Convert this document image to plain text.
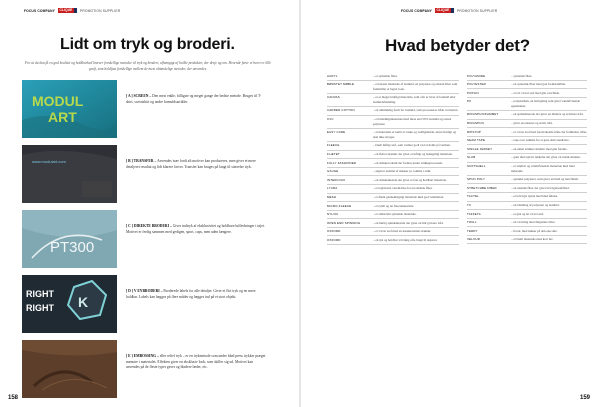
FOCUS COMPANY	CLIQUE	PROMOTION SUPPLIER
Lidt om tryk og broderi.
For at du kan få en god kvalitet og holdbarhed kræver forskellige metoder til tryk og broderi, afhængigt af hvilke produkter, der dreje og om. Hvornår fører vi hvert er lille grafi, som holdfast forskellige mellem de mest almindelige metoder, der anvendes.
MODUL
ART
[ A ] SCREEN – Den mest enkle, billigste og meget gange der bedste metode. Bruges til T-shirt, sweatshirt og andre bomuldsartikler.
www.modulart.com	[ B ] TRANSFER – Anvendes især fordi alt motiver kan produceres, men giver et mere detaljeret resultat og lidt klarere farver. Transfer kan bruges på langt til størrelse tryk.
PT300
[ C ] DIREKTE BRODERI – Giver indtryk af eksklusivitet og holdbare luftledninger i tøjet. Motivet er ferdig sammen med gedigen, sport, caps, men uden længere.
RIGHT
RIGHT K
[ D ] V EYBRODERI – Broderede labels for alle detaljer. Giver et flot tryk og en mere holdbar. Labels kan lægges på flere måder og lægges ind på et stort objekt.
[ E ] EMBOSSING – eller relief tryk – er en trykmetode som under blød press trykker præget mønstre i materialet. Effekten giver en eksklusiv look, som skiller sig ud. Motivet kan anvendes på de fleste typer gaver og blødere læder, etc.
158
FOCUS COMPANY	CLIQUE	PROMOTION SUPPLIER
Hvad betyder det?
ACRYL	– er syntetisk fiber.
BØRSTET MØBLE	– et børstet materiale af bomuld, en polyester og elastan fiber som fremstiller et lagret look.
CANVAS	– er et meget kraftigt materiale, som ofte er lavet af bomuld eller bomuldsblanding.
CARDED COTTON	– en almindelig form for bomuld, som processeres både ved karter.
CVC	– et blandingsmateriale med mere end 50% bomuld og resten polyester.
EASY CARE	– at materialet er nemt at vaske og vedligeholde, tørrer hurtigt og skal ikke stryges.
FLEECE	– blødt luftigt stof, som varmer godt ved at holde på varmen.
FLÆTET	– en flettet struktur der giver et luftigt og behageligt materiale.
FULLY FASHIONED	– en strikket tekstil der formes under strikkeprocessen.
GAUGE	– angiver antallet af masker pr. tomme i strik.
INTERLOCK	– en strikkemetode der giver et fast og holdbart materiale.
LYCRA	– et registreret varemærke for en elastisk fiber.
MESH	– et åbent gennemsigtigt materiale med god ventilation.
MICRO-FLEECE	– et tyndt og let fleecemateriale.
NYLON	– et slidstærkt syntetisk materiale.
OPEN END SPINNING	– en hurtig spindemetode der giver en lidt grovere tråd.
OXFORD	– et vævet stof med en karakteristisk struktur.
OXFORD	– en tyk og holdbar vævning ofte brugt til skjorter.
POLYAMIDE	– syntetisk fiber.
POLYESTER	– en syntetisk fiber med god formstabilitet.
POPLIN	– et tæt vævet stof med glat overflade.
PU	– polyurethan, en belægning som giver vandafvisende egenskaber.
RINGSPUN/KAMMET	– en spindemetode der giver en blødere og stærkere tråd.
RINGSPUN	– giver en ensartet og stærk tråd.
RIPSTOP	– et vævet stof med forstærkende tråde der forhindrer rifter.
SEAM TAPE	– tape over sømme for at gøre dem vandtætte.
SINGLE JERSEY	– en enkel strikket struktur med glat forside.
SLUB	– garn med ujævn tykkelse der giver en rustik struktur.
SOFTSHELL	– et vindtæt og vandafvisende materiale med blød inderside.
SPUN POLY	– spundet polyester, som giver en blød og mat finish.
STRETCHBE FIBER	– en elastisk fiber der giver bevægelsesfrihed.
TACTEL	– et letvægts nylon med blød følelse.
TC	– en blanding af polyester og bomuld.
TAFFETA	– et glat og let vævet stof.
TWILL	– en vævning med diagonale riller.
TERRY	– frotté, med løkker på den ene side.
VELOUR	– et blødt materiale med kort luv.
159
